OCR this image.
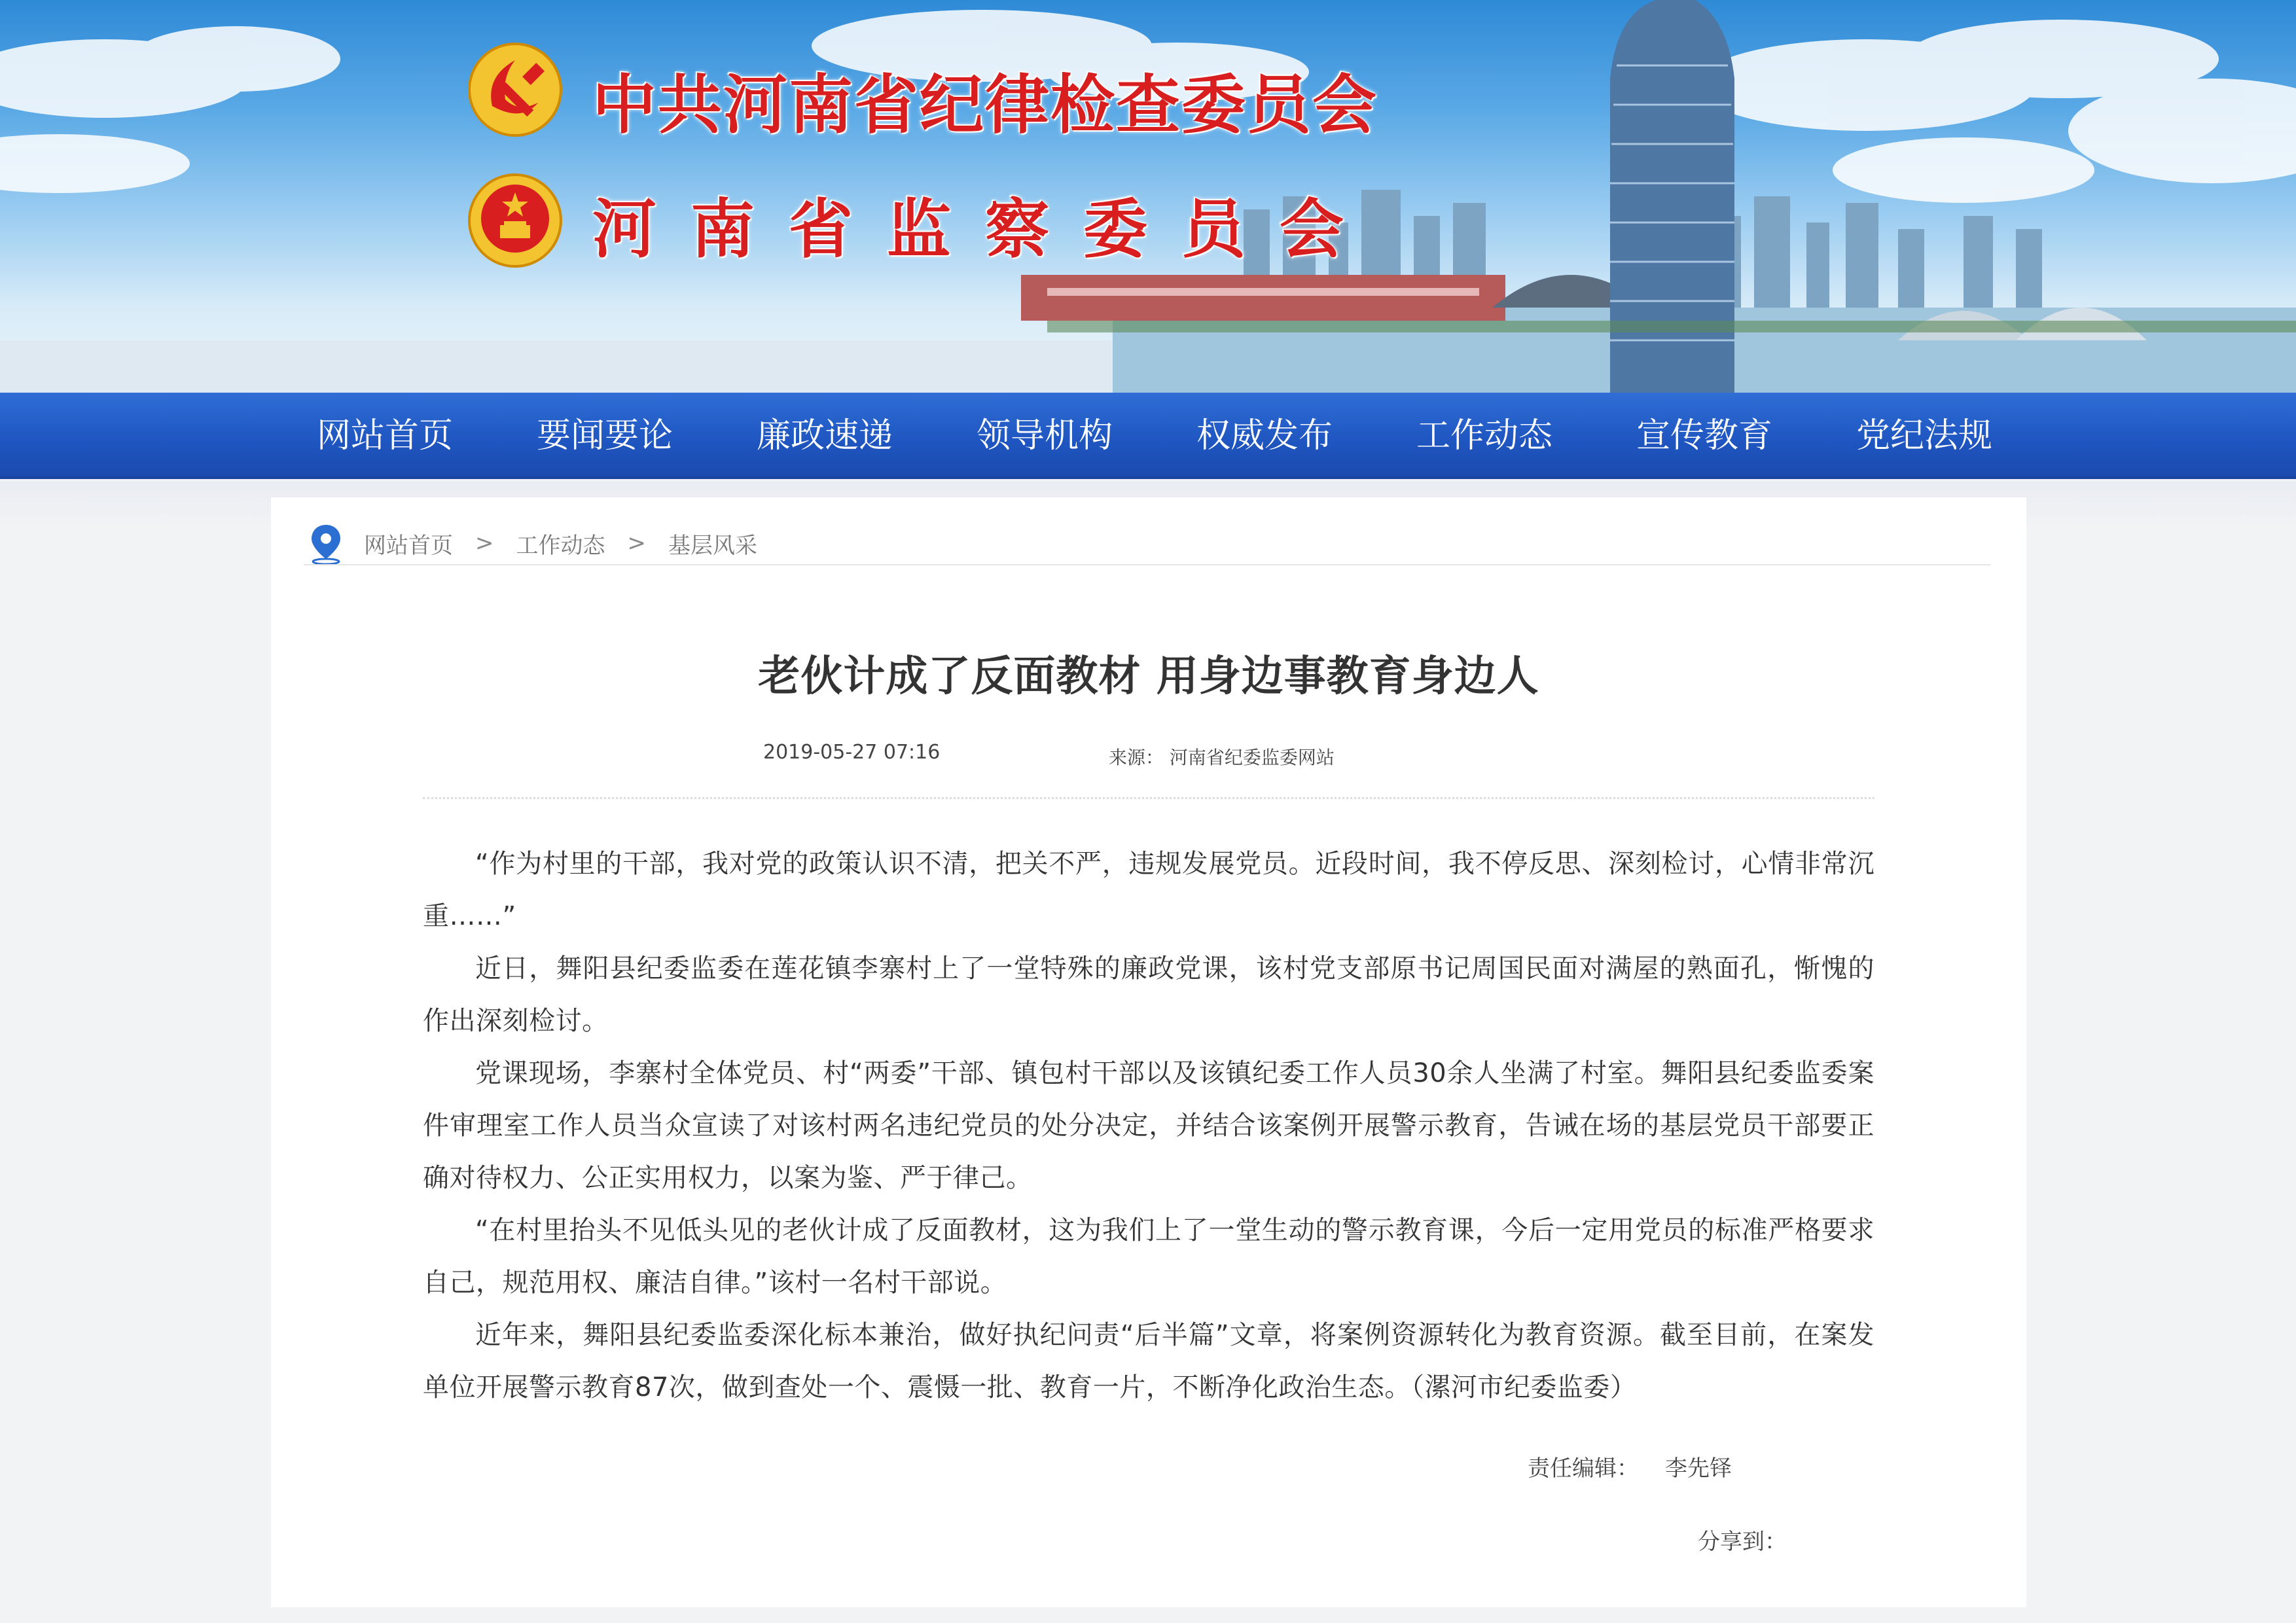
中共河南省纪律检查委员会
河南省监察委员会
网站首页	要闻要论	廉政速递	领导机构	权威发布	工作动态	宣传教育	党纪法规
网站首页 > 工作动态 > 基层风采
老伙计成了反面教材 用身边事教育身边人
2019-05-27 07:16	来源： 河南省纪委监委网站

“作为村里的干部，我对党的政策认识不清，把关不严，违规发展党员。近段时间，我不停反思、深刻检讨，心情非常沉重……”

近日，舞阳县纪委监委在莲花镇李寨村上了一堂特殊的廉政党课，该村党支部原书记周国民面对满屋的熟面孔，惭愧的作出深刻检讨。

党课现场，李寨村全体党员、村“两委”干部、镇包村干部以及该镇纪委工作人员30余人坐满了村室。舞阳县纪委监委案件审理室工作人员当众宣读了对该村两名违纪党员的处分决定，并结合该案例开展警示教育，告诫在场的基层党员干部要正确对待权力、公正实用权力，以案为鉴、严于律己。

“在村里抬头不见低头见的老伙计成了反面教材，这为我们上了一堂生动的警示教育课，今后一定用党员的标准严格要求自己，规范用权、廉洁自律。”该村一名村干部说。

近年来，舞阳县纪委监委深化标本兼治，做好执纪问责“后半篇”文章，将案例资源转化为教育资源。截至目前，在案发单位开展警示教育87次，做到查处一个、震慑一批、教育一片，不断净化政治生态。（漯河市纪委监委）

责任编辑： 李先铎
分享到：
